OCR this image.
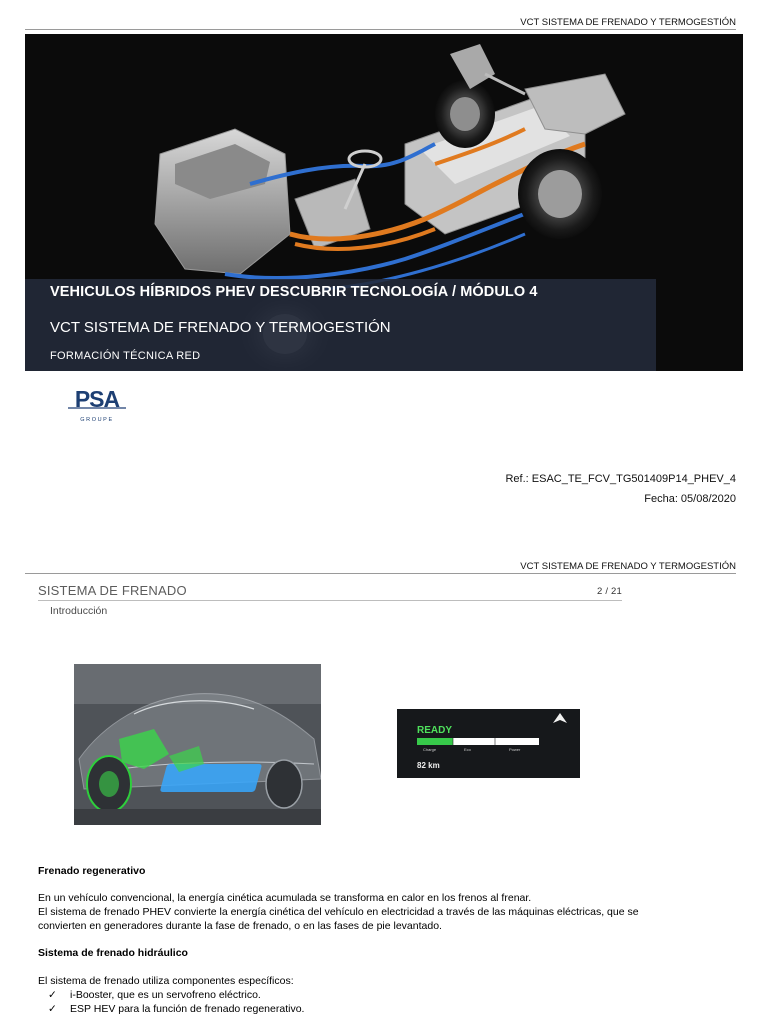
VCT SISTEMA DE FRENADO Y TERMOGESTIÓN
VEHICULOS HÍBRIDOS PHEV DESCUBRIR TECNOLOGÍA / MÓDULO 4
VCT SISTEMA DE FRENADO Y TERMOGESTIÓN
FORMACIÓN TÉCNICA RED
PSA
GROUPE
Ref.: ESAC_TE_FCV_TG501409P14_PHEV_4
Fecha: 05/08/2020
VCT SISTEMA DE FRENADO Y TERMOGESTIÓN
SISTEMA DE FRENADO	2 / 21
Introducción
READY
Charge	Eco	Power
82 km
Frenado regenerativo
En un vehículo convencional, la energía cinética acumulada se transforma en calor en los frenos al frenar.
El sistema de frenado PHEV convierte la energía cinética del vehículo en electricidad a través de las máquinas eléctricas, que se
convierten en generadores durante la fase de frenado, o en las fases de pie levantado.
Sistema de frenado hidráulico
El sistema de frenado utiliza componentes específicos:
✓ i-Booster, que es un servofreno eléctrico.
✓ ESP HEV para la función de frenado regenerativo.
